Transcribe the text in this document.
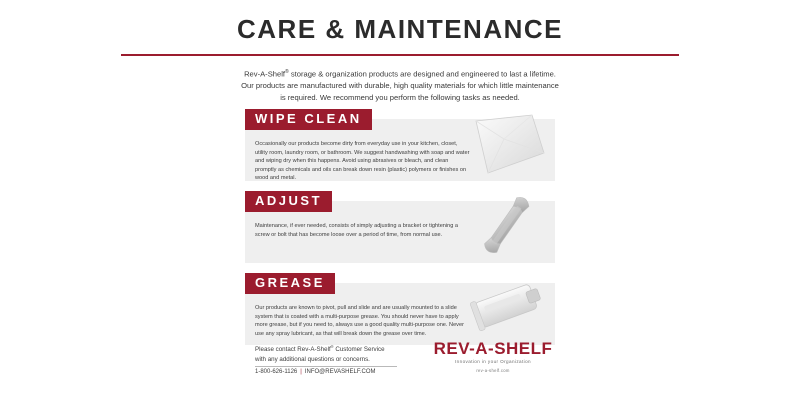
CARE & MAINTENANCE
Rev-A-Shelf® storage & organization products are designed and engineered to last a lifetime.
Our products are manufactured with durable, high quality materials for which little maintenance
is required. We recommend you perform the following tasks as needed.
WIPE CLEAN
Occasionally our products become dirty from everyday use in your kitchen, closet, utility room, laundry room, or bathroom. We suggest handwashing with soap and water and wiping dry when this happens. Avoid using abrasives or bleach, and clean promptly as chemicals and oils can break down resin (plastic) polymers or finishes on wood and metal.
ADJUST
Maintenance, if ever needed, consists of simply adjusting a bracket or tightening a screw or bolt that has become loose over a period of time, from normal use.
GREASE
Our products are known to pivot, pull and slide and are usually mounted to a slide system that is coated with a multi-purpose grease. You should never have to apply more grease, but if you need to, always use a good quality multi-purpose one. Never use any spray lubricant, as that will break down the grease over time.
Please contact Rev-A-Shelf® Customer Service
with any additional questions or concerns.
1-800-626-1126 | INFO@REVASHELF.COM
REV-A-SHELF
Innovation in your Organization
rev-a-shelf.com
